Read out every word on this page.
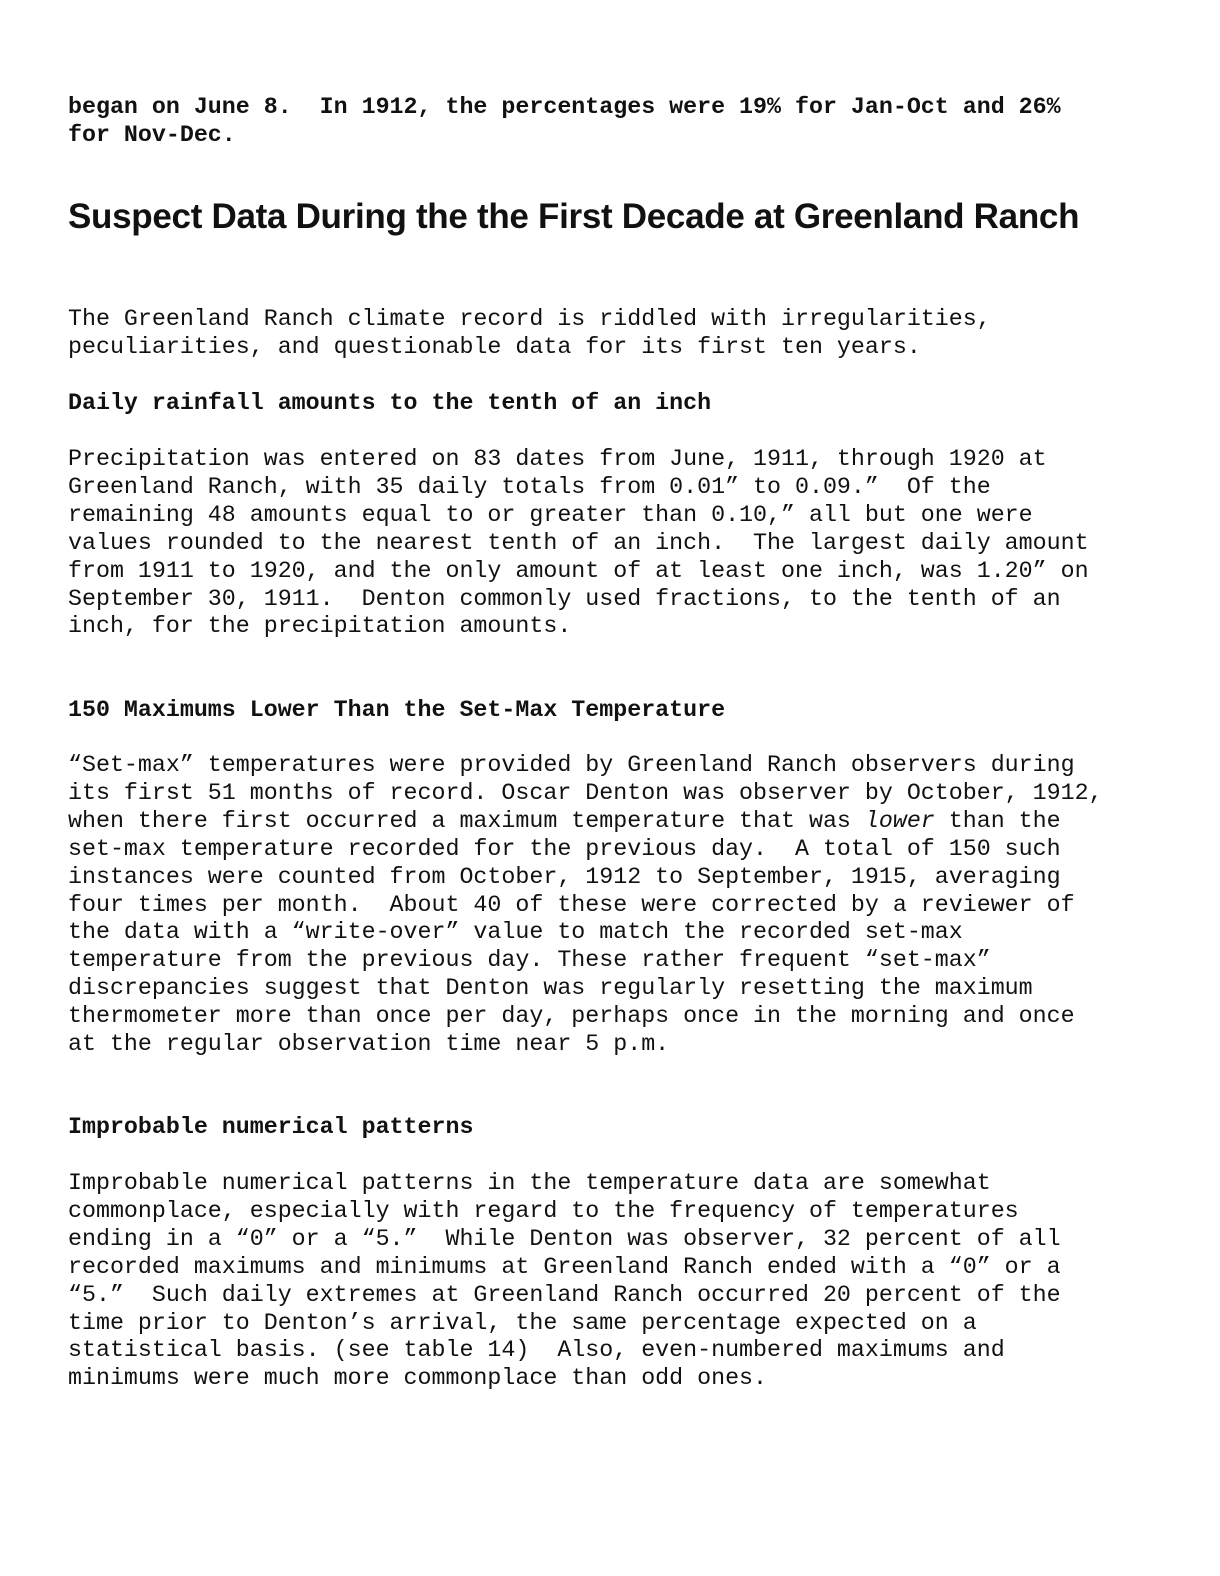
began on June 8.  In 1912, the percentages were 19% for Jan-Oct and 26%

for Nov-Dec.

Suspect Data During the the First Decade at Greenland Ranch

The Greenland Ranch climate record is riddled with irregularities,

peculiarities, and questionable data for its first ten years.

Daily rainfall amounts to the tenth of an inch

Precipitation was entered on 83 dates from June, 1911, through 1920 at

Greenland Ranch, with 35 daily totals from 0.01” to 0.09.”  Of the

remaining 48 amounts equal to or greater than 0.10,” all but one were

values rounded to the nearest tenth of an inch.  The largest daily amount

from 1911 to 1920, and the only amount of at least one inch, was 1.20” on

September 30, 1911.  Denton commonly used fractions, to the tenth of an

inch, for the precipitation amounts.

150 Maximums Lower Than the Set-Max Temperature

“Set-max” temperatures were provided by Greenland Ranch observers during

its first 51 months of record. Oscar Denton was observer by October, 1912,

when there first occurred a maximum temperature that was lower than the

set-max temperature recorded for the previous day.  A total of 150 such

instances were counted from October, 1912 to September, 1915, averaging

four times per month.  About 40 of these were corrected by a reviewer of

the data with a “write-over” value to match the recorded set-max

temperature from the previous day. These rather frequent “set-max”

discrepancies suggest that Denton was regularly resetting the maximum

thermometer more than once per day, perhaps once in the morning and once

at the regular observation time near 5 p.m.

Improbable numerical patterns

Improbable numerical patterns in the temperature data are somewhat

commonplace, especially with regard to the frequency of temperatures

ending in a “0” or a “5.”  While Denton was observer, 32 percent of all

recorded maximums and minimums at Greenland Ranch ended with a “0” or a

“5.”  Such daily extremes at Greenland Ranch occurred 20 percent of the

time prior to Denton’s arrival, the same percentage expected on a

statistical basis. (see table 14)  Also, even-numbered maximums and

minimums were much more commonplace than odd ones.
